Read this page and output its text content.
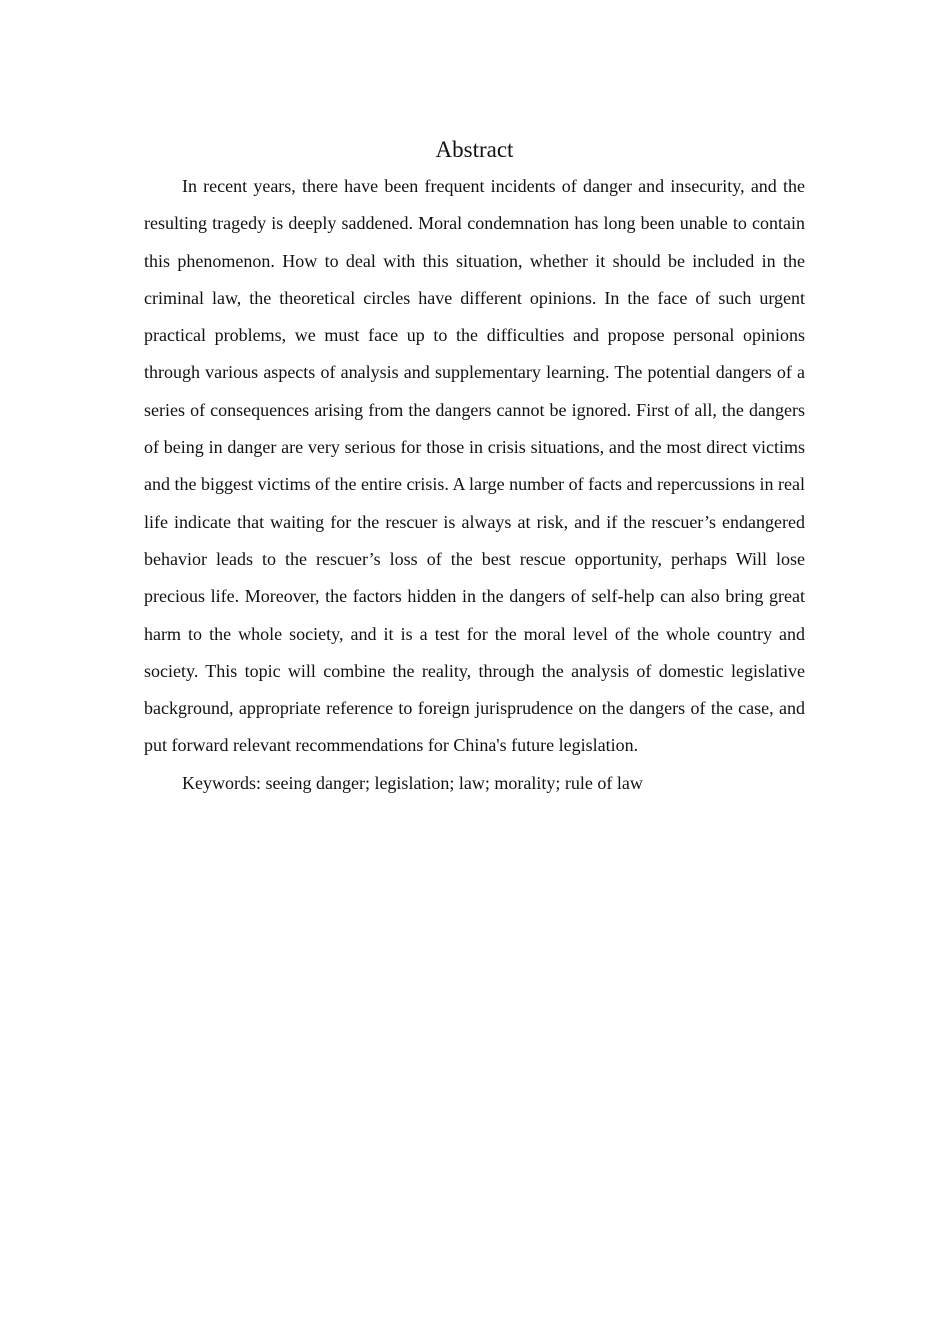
Abstract

In recent years, there have been frequent incidents of danger and insecurity, and the resulting tragedy is deeply saddened. Moral condemnation has long been unable to contain this phenomenon. How to deal with this situation, whether it should be included in the criminal law, the theoretical circles have different opinions. In the face of such urgent practical problems, we must face up to the difficulties and propose personal opinions through various aspects of analysis and supplementary learning. The potential dangers of a series of consequences arising from the dangers cannot be ignored. First of all, the dangers of being in danger are very serious for those in crisis situations, and the most direct victims and the biggest victims of the entire crisis. A large number of facts and repercussions in real life indicate that waiting for the rescuer is always at risk, and if the rescuer’s endangered behavior leads to the rescuer’s loss of the best rescue opportunity, perhaps Will lose precious life. Moreover, the factors hidden in the dangers of self-help can also bring great harm to the whole society, and it is a test for the moral level of the whole country and society. This topic will combine the reality, through the analysis of domestic legislative background, appropriate reference to foreign jurisprudence on the dangers of the case, and put forward relevant recommendations for China's future legislation.

Keywords: seeing danger; legislation; law; morality; rule of law
